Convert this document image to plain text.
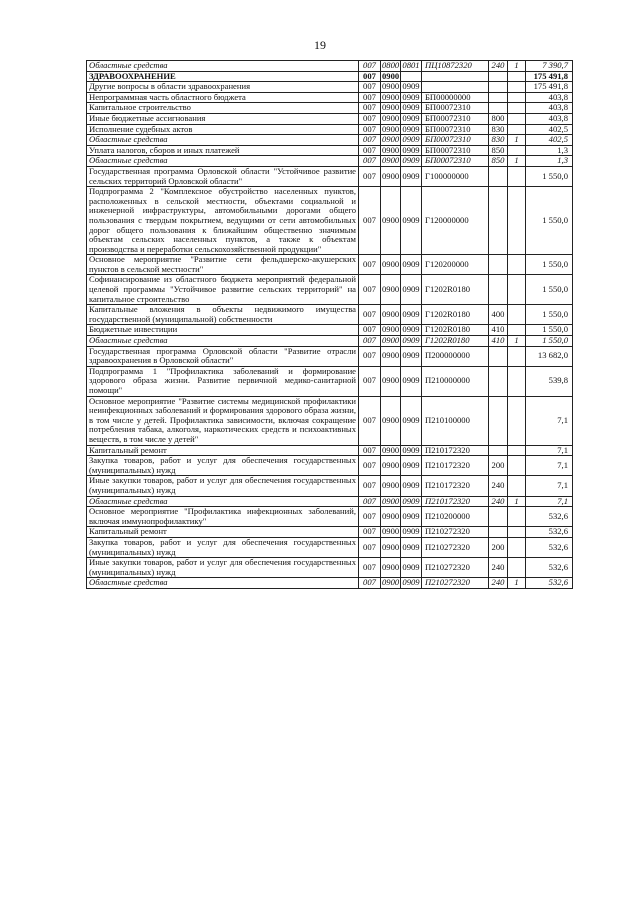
19
Областные средства	007	0800	0801	ПЦ10872320	240	1	7 390,7
ЗДРАВООХРАНЕНИЕ	007	0900					175 491,8
Другие вопросы в области здравоохранения	007	0900	0909				175 491,8
Непрограммная часть областного бюджета	007	0900	0909	БП00000000			403,8
Капитальное строительство	007	0900	0909	БП00072310			403,8
Иные бюджетные ассигнования	007	0900	0909	БП00072310	800		403,8
Исполнение судебных актов	007	0900	0909	БП00072310	830		402,5
Областные средства	007	0900	0909	БП00072310	830	1	402,5
Уплата налогов, сборов и иных платежей	007	0900	0909	БП00072310	850		1,3
Областные средства	007	0900	0909	БП00072310	850	1	1,3
Государственная программа Орловской области "Устойчивое развитие сельских территорий Орловской области"	007	0900	0909	Г100000000			1 550,0
Подпрограмма 2 "Комплексное обустройство населенных пунктов, расположенных в сельской местности, объектами социальной и инженерной инфраструктуры, автомобильными дорогами общего пользования с твердым покрытием, ведущими от сети автомобильных дорог общего пользования к ближайшим общественно значимым объектам сельских населенных пунктов, а также к объектам производства и переработки сельскохозяйственной продукции"	007	0900	0909	Г120000000			1 550,0
Основное мероприятие "Развитие сети фельдшерско-акушерских пунктов в сельской местности"	007	0900	0909	Г120200000			1 550,0
Софинансирование из областного бюджета мероприятий федеральной целевой программы "Устойчивое развитие сельских территорий" на капитальное строительство	007	0900	0909	Г1202R0180			1 550,0
Капитальные вложения в объекты недвижимого имущества государственной (муниципальной) собственности	007	0900	0909	Г1202R0180	400		1 550,0
Бюджетные инвестиции	007	0900	0909	Г1202R0180	410		1 550,0
Областные средства	007	0900	0909	Г1202R0180	410	1	1 550,0
Государственная программа Орловской области "Развитие отрасли здравоохранения в Орловской области"	007	0900	0909	П200000000			13 682,0
Подпрограмма 1 "Профилактика заболеваний и формирование здорового образа жизни. Развитие первичной медико-санитарной помощи"	007	0900	0909	П210000000			539,8
Основное мероприятие "Развитие системы медицинской профилактики неинфекционных заболеваний и формирования здорового образа жизни, в том числе у детей. Профилактика зависимости, включая сокращение потребления табака, алкоголя, наркотических средств и психоактивных веществ, в том числе у детей"	007	0900	0909	П210100000			7,1
Капитальный ремонт	007	0900	0909	П210172320			7,1
Закупка товаров, работ и услуг для обеспечения государственных (муниципальных) нужд	007	0900	0909	П210172320	200		7,1
Иные закупки товаров, работ и услуг для обеспечения государственных (муниципальных) нужд	007	0900	0909	П210172320	240		7,1
Областные средства	007	0900	0909	П210172320	240	1	7,1
Основное мероприятие "Профилактика инфекционных заболеваний, включая иммунопрофилактику"	007	0900	0909	П210200000			532,6
Капитальный ремонт	007	0900	0909	П210272320			532,6
Закупка товаров, работ и услуг для обеспечения государственных (муниципальных) нужд	007	0900	0909	П210272320	200		532,6
Иные закупки товаров, работ и услуг для обеспечения государственных (муниципальных) нужд	007	0900	0909	П210272320	240		532,6
Областные средства	007	0900	0909	П210272320	240	1	532,6
